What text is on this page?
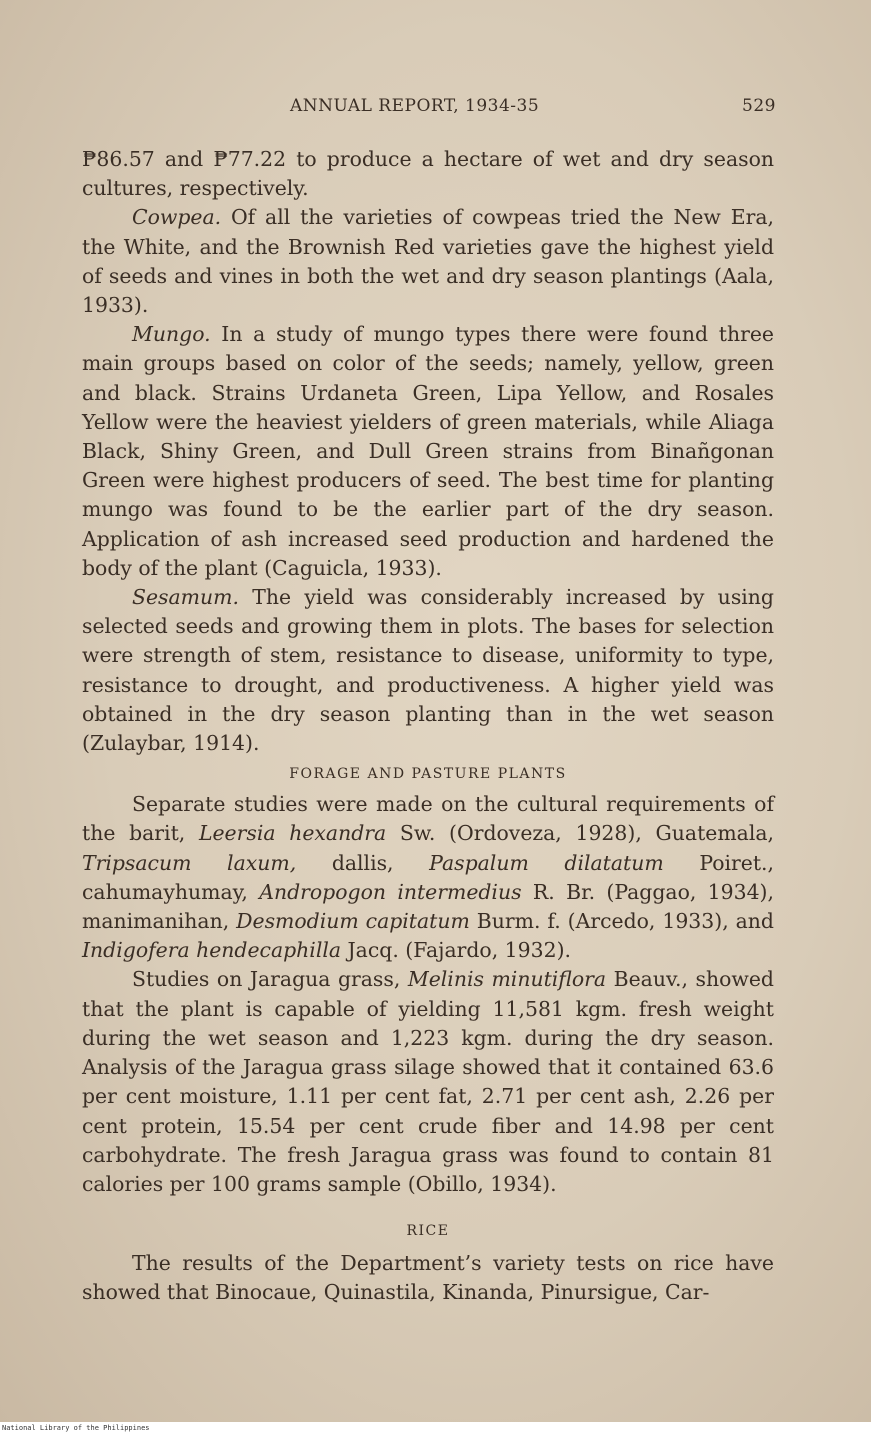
ANNUAL REPORT, 1934-35	529

₱86.57 and ₱77.22 to produce a hectare of wet and dry season cultures, respectively.

Cowpea. Of all the varieties of cowpeas tried the New Era, the White, and the Brownish Red varieties gave the highest yield of seeds and vines in both the wet and dry season plantings (Aala, 1933).

Mungo. In a study of mungo types there were found three main groups based on color of the seeds; namely, yellow, green and black. Strains Urdaneta Green, Lipa Yellow, and Rosales Yellow were the heaviest yielders of green materials, while Aliaga Black, Shiny Green, and Dull Green strains from Binañgonan Green were highest producers of seed. The best time for planting mungo was found to be the earlier part of the dry season. Application of ash increased seed production and hardened the body of the plant (Caguicla, 1933).

Sesamum. The yield was considerably increased by using selected seeds and growing them in plots. The bases for selection were strength of stem, resistance to disease, uniformity to type, resistance to drought, and productiveness. A higher yield was obtained in the dry season planting than in the wet season (Zulaybar, 1914).

FORAGE AND PASTURE PLANTS

Separate studies were made on the cultural requirements of the barit, Leersia hexandra Sw. (Ordoveza, 1928), Guatemala, Tripsacum laxum, dallis, Paspalum dilatatum Poiret., cahumayhumay, Andropogon intermedius R. Br. (Paggao, 1934), manimanihan, Desmodium capitatum Burm. f. (Arcedo, 1933), and Indigofera hendecaphilla Jacq. (Fajardo, 1932).

Studies on Jaragua grass, Melinis minutiflora Beauv., showed that the plant is capable of yielding 11,581 kgm. fresh weight during the wet season and 1,223 kgm. during the dry season. Analysis of the Jaragua grass silage showed that it contained 63.6 per cent moisture, 1.11 per cent fat, 2.71 per cent ash, 2.26 per cent protein, 15.54 per cent crude fiber and 14.98 per cent carbohydrate. The fresh Jaragua grass was found to contain 81 calories per 100 grams sample (Obillo, 1934).

RICE

The results of the Department’s variety tests on rice have showed that Binocaue, Quinastila, Kinanda, Pinursigue, Car-

National Library of the Philippines
